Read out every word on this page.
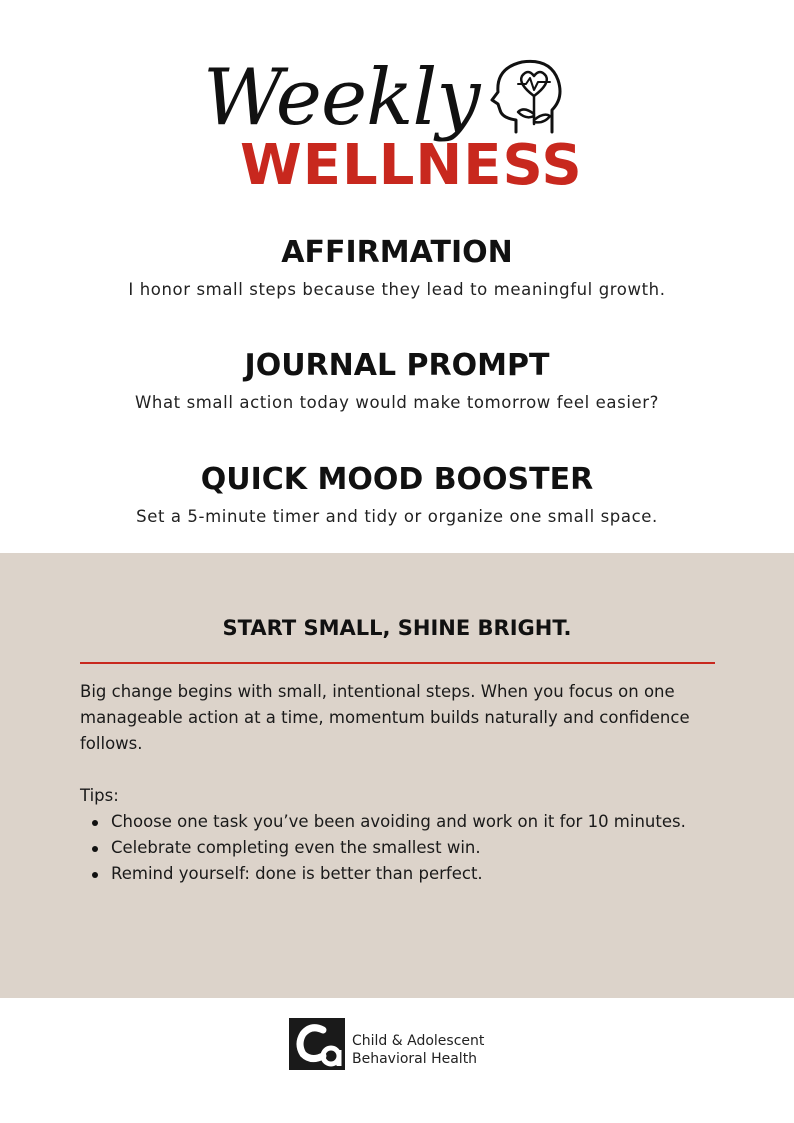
Weekly
WELLNESS
AFFIRMATION

I honor small steps because they lead to meaningful growth.

JOURNAL PROMPT

What small action today would make tomorrow feel easier?

QUICK MOOD BOOSTER

Set a 5-minute timer and tidy or organize one small space.

START SMALL, SHINE BRIGHT.

Big change begins with small, intentional steps. When you focus on one manageable action at a time, momentum builds naturally and confidence follows.

Tips:

Choose one task you’ve been avoiding and work on it for 10 minutes.
Celebrate completing even the smallest win.
Remind yourself: done is better than perfect.
Child & Adolescent
Behavioral Health
